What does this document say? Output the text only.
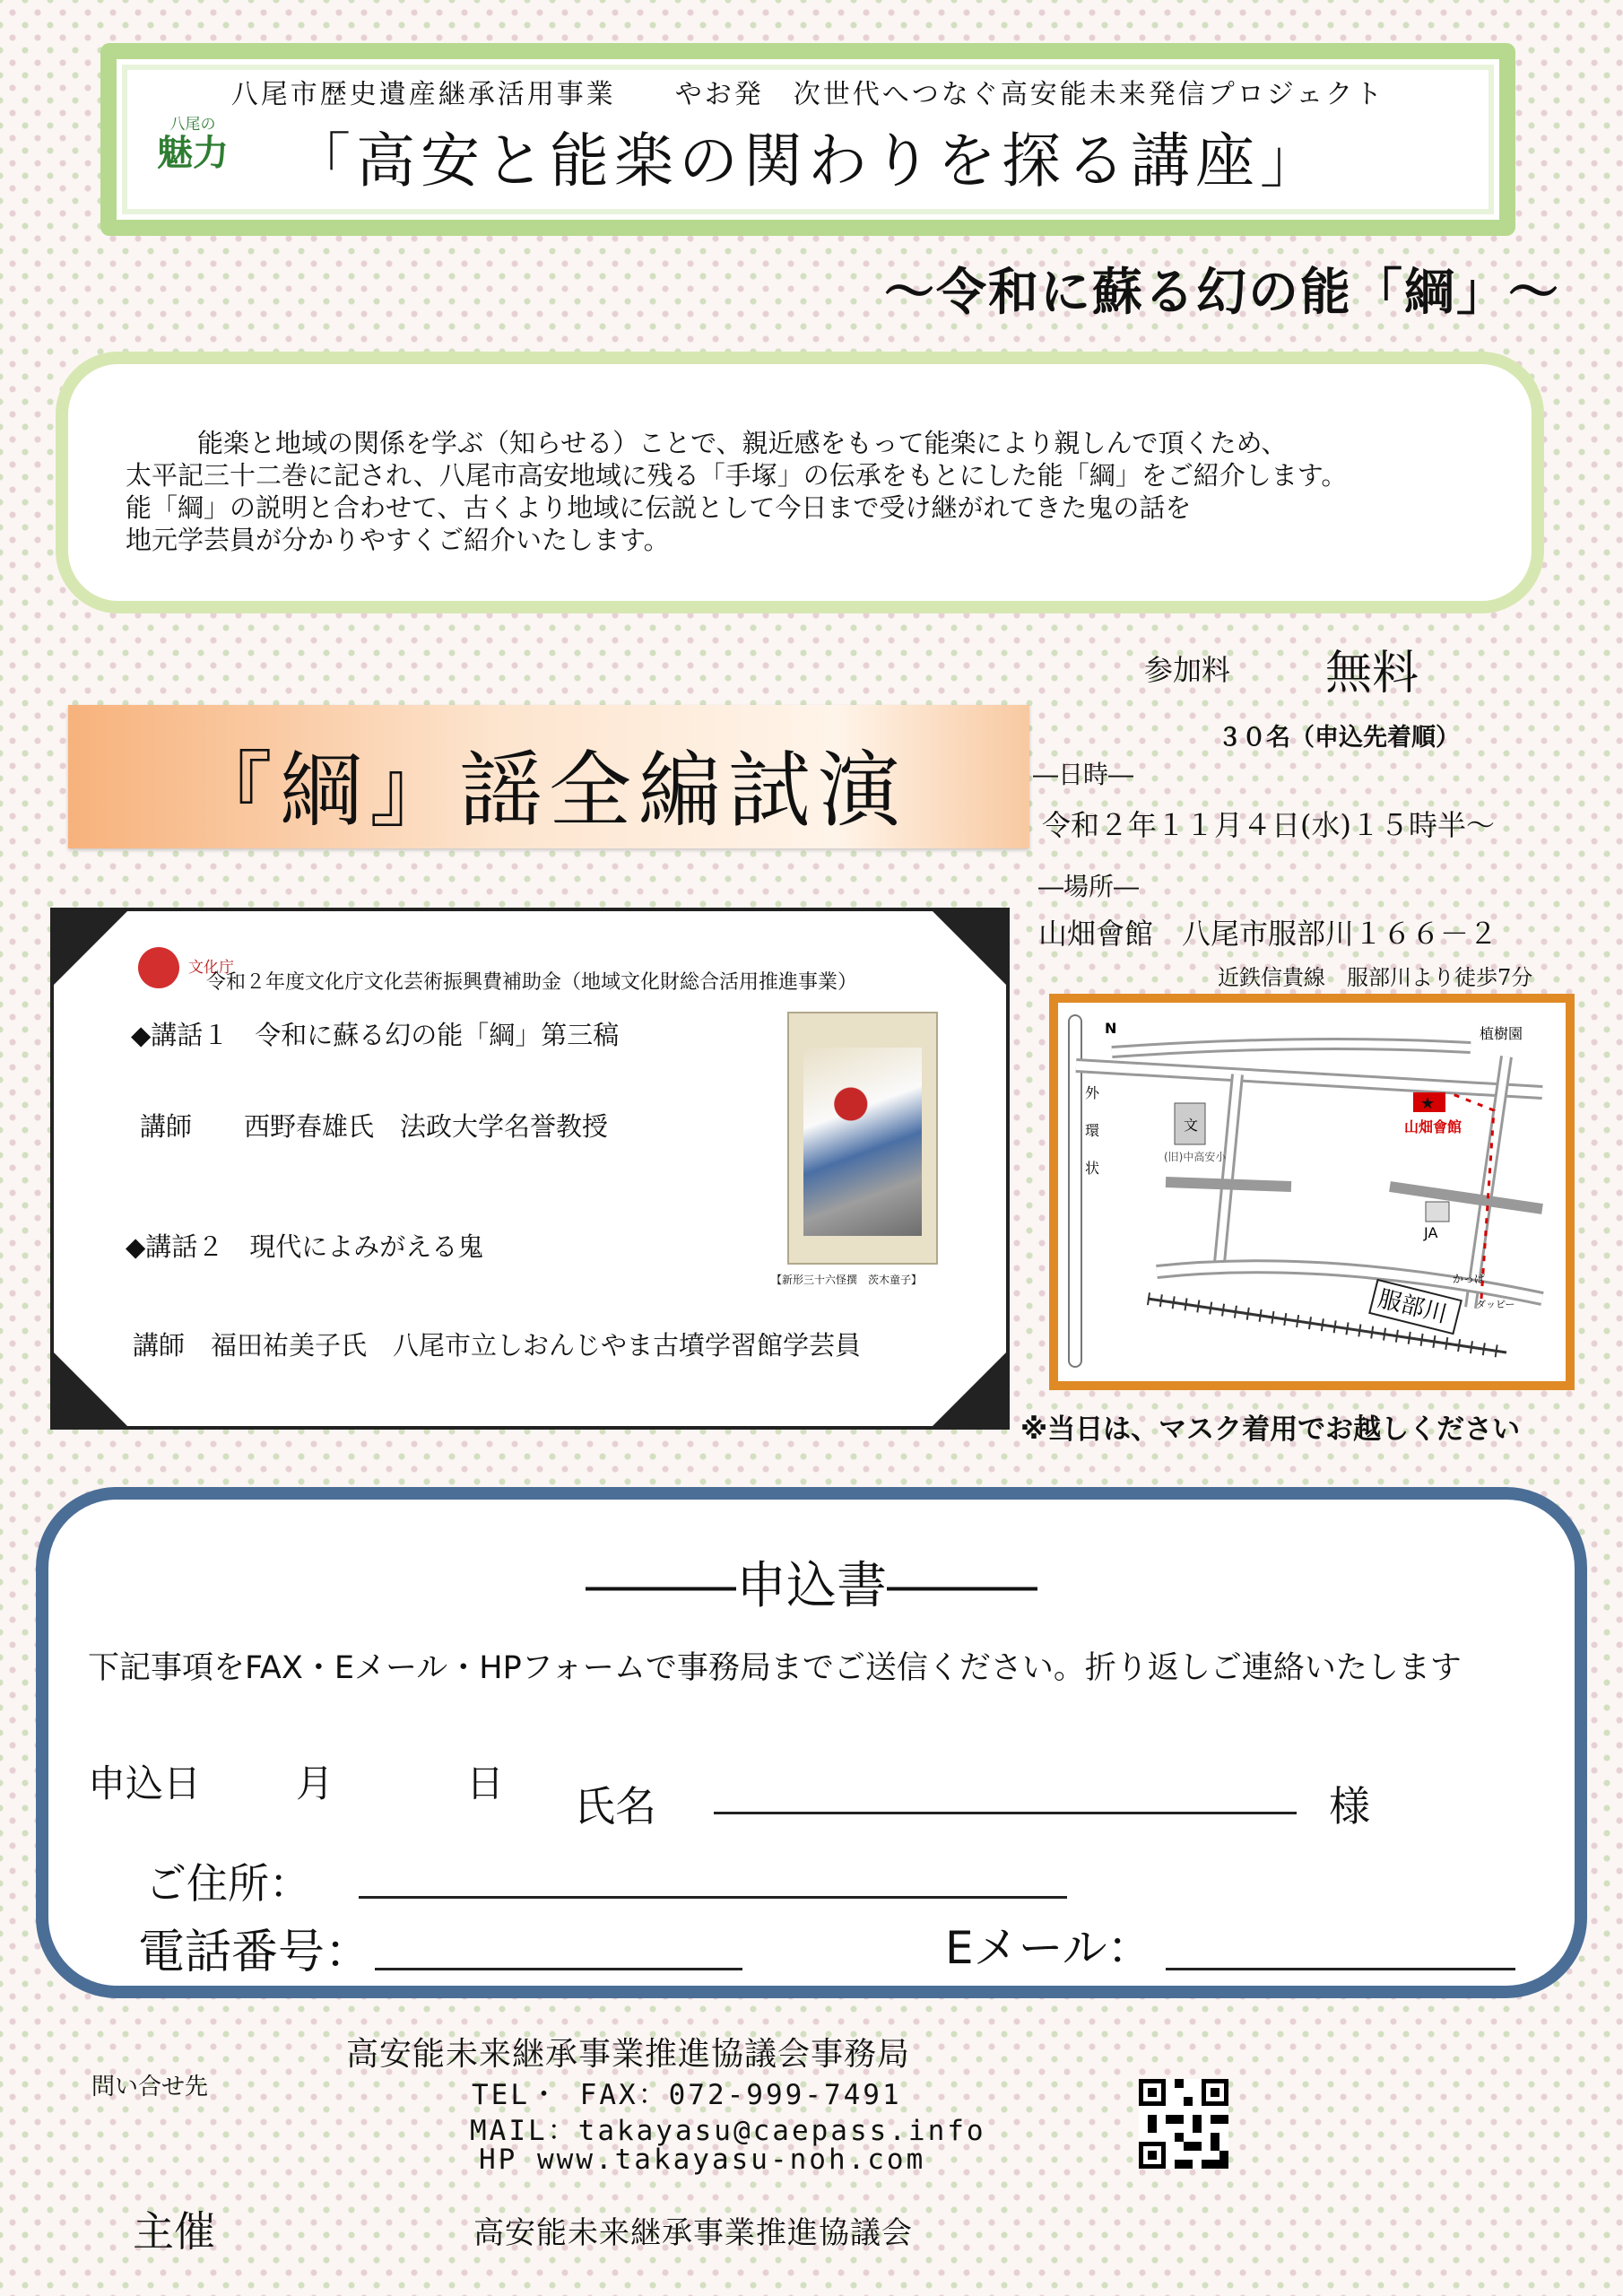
八尾市歴史遺産継承活用事業　　やお発　次世代へつなぐ高安能未来発信プロジェクト
「高安と能楽の関わりを探る講座」
八尾の
魅力
～令和に蘇る幻の能「綱」～
能楽と地域の関係を学ぶ（知らせる）ことで、親近感をもって能楽により親しんで頂くため、
太平記三十二巻に記され、八尾市高安地域に残る「手塚」の伝承をもとにした能「綱」をご紹介します。
能「綱」の説明と合わせて、古くより地域に伝説として今日まで受け継がれてきた鬼の話を
地元学芸員が分かりやすくご紹介いたします。
参加料 無料
３０名（申込先着順）
―日時―
令和２年１１月４日(水)１５時半～
―場所―
山畑會館　八尾市服部川１６６－２
近鉄信貴線　服部川より徒歩7分
『綱』謡全編試演
文化庁
令和２年度文化庁文化芸術振興費補助金（地域文化財総合活用推進事業）
◆講話１　令和に蘇る幻の能「綱」第三稿
講師　　西野春雄氏　法政大学名誉教授
◆講話２　現代によみがえる鬼
講師　福田祐美子氏　八尾市立しおんじやま古墳学習館学芸員
【新形三十六怪撰　茨木童子】
文
(旧)中高安小
JA
★
山畑會館
植樹園
N
外
環
状
かっぱ
ダッピー
服部川
※当日は、マスク着用でお越しください
―――申込書―――
下記事項をFAX・Eメール・HPフォームで事務局までご送信ください。折り返しご連絡いたします
申込日	月	日 氏名	様
ご住所：
電話番号：	Eメール：
問い合せ先
高安能未来継承事業推進協議会事務局
TEL・ FAX：072-999-7491
MAIL：takayasu@caepass.info
HP www.takayasu-noh.com
主催	高安能未来継承事業推進協議会
